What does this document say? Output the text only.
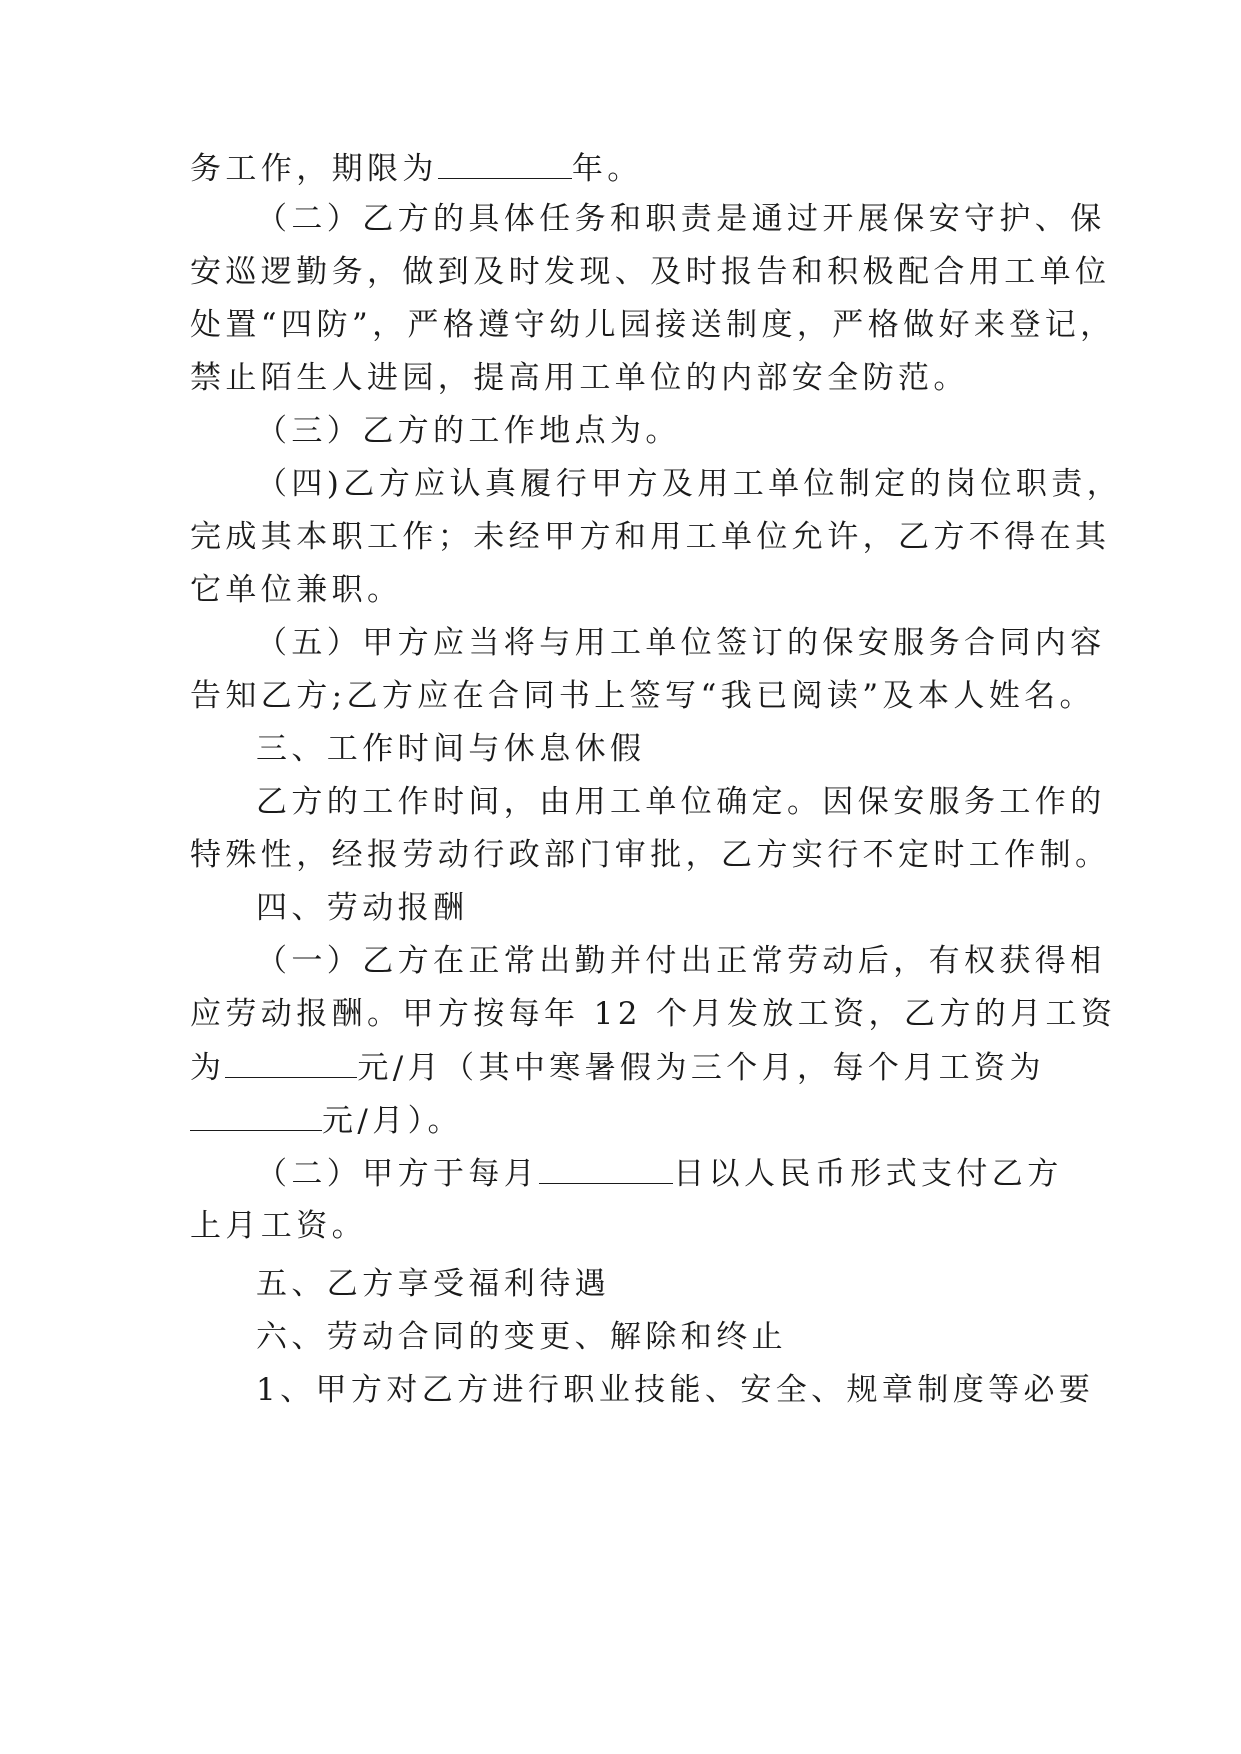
务工作，期限为	年。
（二）乙方的具体任务和职责是通过开展保安守护、保
安巡逻勤务，做到及时发现、及时报告和积极配合用工单位
处置“四防”，严格遵守幼儿园接送制度，严格做好来登记，
禁止陌生人进园，提高用工单位的内部安全防范。
（三）乙方的工作地点为。
（四)乙方应认真履行甲方及用工单位制定的岗位职责，
完成其本职工作；未经甲方和用工单位允许，乙方不得在其
它单位兼职。
（五）甲方应当将与用工单位签订的保安服务合同内容
告知乙方;乙方应在合同书上签写“我已阅读”及本人姓名。
三、工作时间与休息休假
乙方的工作时间，由用工单位确定。因保安服务工作的
特殊性，经报劳动行政部门审批，乙方实行不定时工作制。
四、劳动报酬
（一）乙方在正常出勤并付出正常劳动后，有权获得相
应劳动报酬。甲方按每年 12 个月发放工资，乙方的月工资
为	元/月（其中寒暑假为三个月，每个月工资为
元/月）。
（二）甲方于每月	日以人民币形式支付乙方
上月工资。
五、乙方享受福利待遇
六、劳动合同的变更、解除和终止
1、甲方对乙方进行职业技能、安全、规章制度等必要
